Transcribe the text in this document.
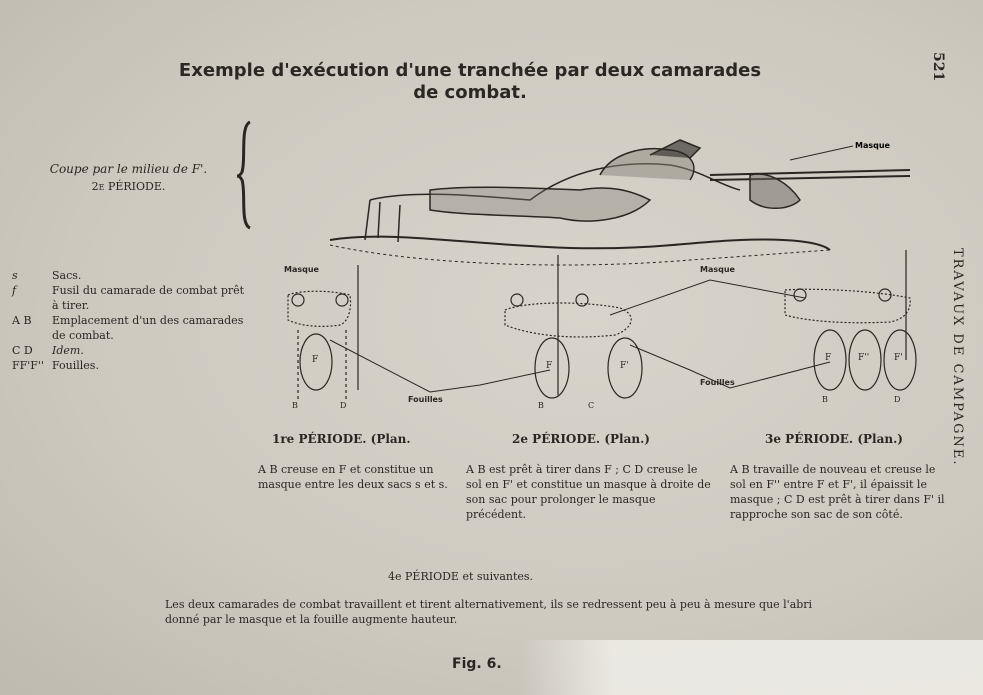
Exemple d'exécution d'une tranchée par deux camarades
de combat.
521
Coupe par le milieu de F'.
2e PÉRIODE.
s	Sacs.
f	Fusil du camarade de combat prêt à tirer.
A B	Emplacement d'un des camarades de combat.
C D	Idem.
FF'F'' Fouilles.	TRAVAUX DE CAMPAGNE.
Masque
Masque
F
B	D
F	F'
B	C
F	F''	F'
B	D
Fouilles
Masque
Fouilles
1re PÉRIODE. (Plan.	2e PÉRIODE. (Plan.)	3e PÉRIODE. (Plan.)
A B creuse en F et constitue un masque entre les deux sacs s et s.
A B est prêt à tirer dans F ; C D creuse le sol en F' et constitue un masque à droite de son sac pour prolonger le masque précédent.
A B travaille de nouveau et creuse le sol en F'' entre F et F', il épaissit le masque ; C D est prêt à tirer dans F' il rapproche son sac de son côté.
4e PÉRIODE et suivantes.
Les deux camarades de combat travaillent et tirent alternativement, ils se redressent peu à peu à mesure que l'abri donné par le masque et la fouille augmente hauteur.
Fig. 6.
